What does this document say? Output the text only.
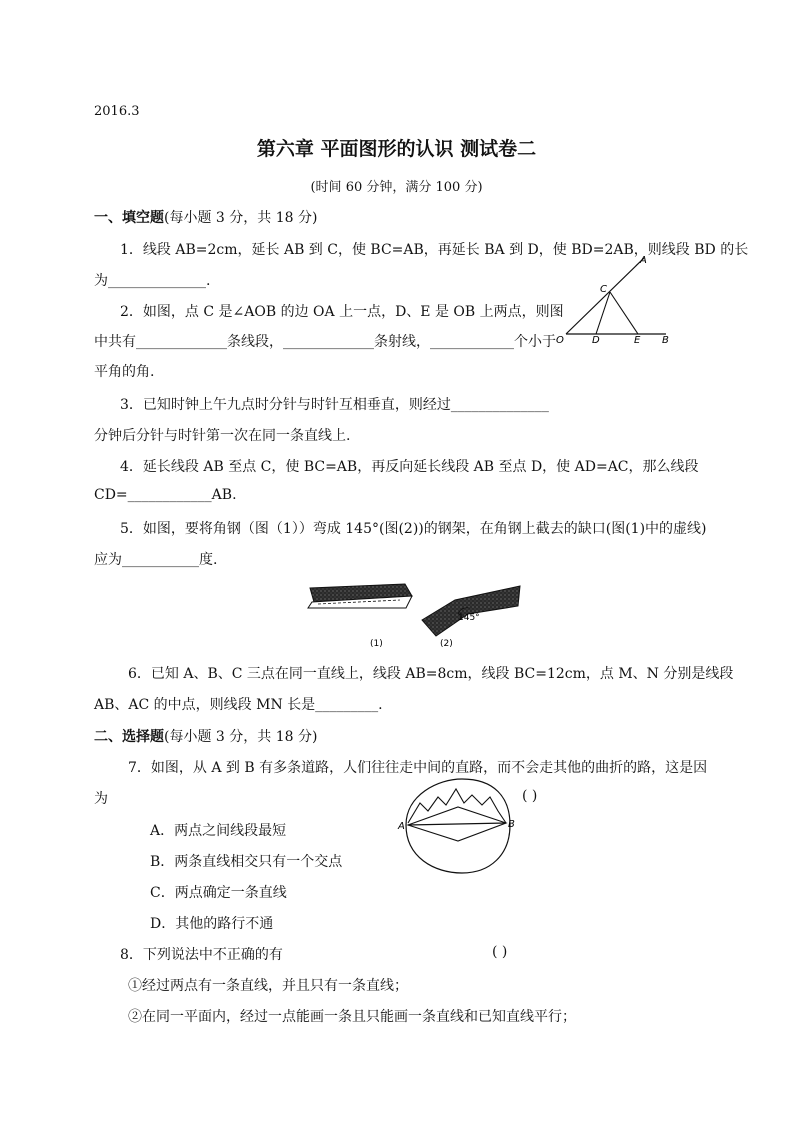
2016.3
第六章 平面图形的认识 测试卷二
(时间 60 分钟，满分 100 分)
一、填空题(每小题 3 分，共 18 分)
1．线段 AB=2cm，延长 AB 到 C，使 BC=AB，再延长 BA 到 D，使 BD=2AB，则线段 BD 的长
为______________.
2．如图，点 C 是∠AOB 的边 OA 上一点，D、E 是 OB 上两点，则图
中共有_____________条线段，_____________条射线，____________个小于
平角的角.
A
C
O	D	E B
3．已知时钟上午九点时分针与时针互相垂直，则经过______________
分钟后分针与时针第一次在同一条直线上.
4．延长线段 AB 至点 C，使 BC=AB，再反向延长线段 AB 至点 D，使 AD=AC，那么线段
CD=____________AB.
5．如图，要将角钢（图（1））弯成 145°(图(2))的钢架，在角钢上截去的缺口(图(1)中的虚线)
应为___________度.
145°
(1)	(2)
6．已知 A、B、C 三点在同一直线上，线段 AB=8cm，线段 BC=12cm，点 M、N 分别是线段
AB、AC 的中点，则线段 MN 长是_________.
二、选择题(每小题 3 分，共 18 分)
7．如图，从 A 到 B 有多条道路，人们往往走中间的直路，而不会走其他的曲折的路，这是因
为	( )
A．两点之间线段最短
B．两条直线相交只有一个交点
C．两点确定一条直线
D．其他的路行不通
A	B
8．下列说法中不正确的有	( )
①经过两点有一条直线，并且只有一条直线；
②在同一平面内，经过一点能画一条且只能画一条直线和已知直线平行；
